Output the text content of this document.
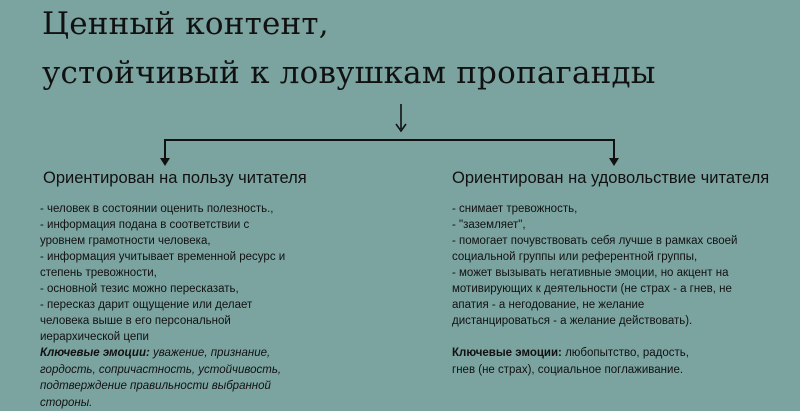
Ценный контент,
устойчивый к ловушкам пропаганды
Ориентирован на пользу читателя	Ориентирован на удовольствие читателя
- человек в состоянии оценить полезность.,
- информация подана в соответствии с
уровнем грамотности человека,
- информация учитывает временной ресурс и
степень тревожности,
- основной тезис можно пересказать,
- пересказ дарит ощущение или делает
человека выше в его персональной
иерархической цепи
Ключевые эмоции: уважение, признание,
гордость, сопричастность, устойчивость,
подтверждение правильности выбранной
стороны.
- снимает тревожность,
- "заземляет",
- помогает почувствовать себя лучше в рамках своей
социальной группы или референтной группы,
- может вызывать негативные эмоции, но акцент на
мотивирующих к деятельности (не страх - а гнев, не
апатия - а негодование, не желание
дистанцироваться - а желание действовать).
Ключевые эмоции: любопытство, радость,
гнев (не страх), социальное поглаживание.
